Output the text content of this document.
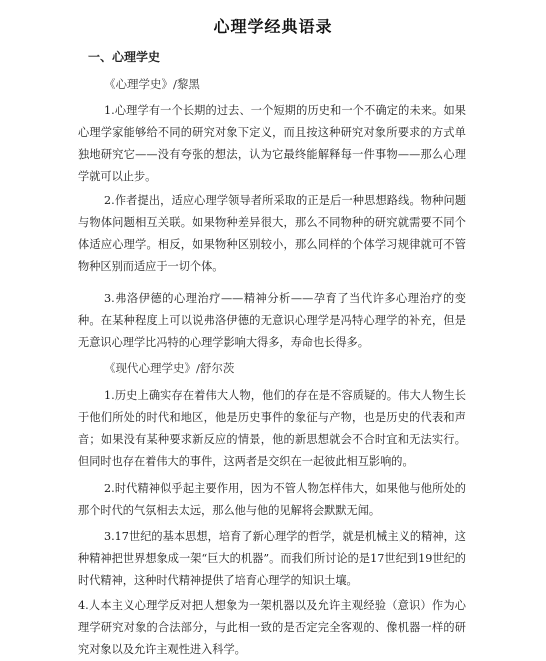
心理学经典语录
一、心理学史
《心理学史》/黎黑
1.心理学有一个长期的过去、一个短期的历史和一个不确定的未来。如果心理学家能够给不同的研究对象下定义，而且按这种研究对象所要求的方式单独地研究它——没有夸张的想法，认为它最终能解释每一件事物——那么心理学就可以止步。
2.作者提出，适应心理学领导者所采取的正是后一种思想路线。物种问题与物体问题相互关联。如果物种差异很大，那么不同物种的研究就需要不同个体适应心理学。相反，如果物种区别较小，那么同样的个体学习规律就可不管物种区别而适应于一切个体。
3.弗洛伊德的心理治疗——精神分析——孕育了当代许多心理治疗的变种。在某种程度上可以说弗洛伊德的无意识心理学是冯特心理学的补充，但是无意识心理学比冯特的心理学影响大得多，寿命也长得多。
《现代心理学史》/舒尔茨
1.历史上确实存在着伟大人物，他们的存在是不容质疑的。伟大人物生长于他们所处的时代和地区，他是历史事件的象征与产物，也是历史的代表和声音；如果没有某种要求新反应的情景，他的新思想就会不合时宜和无法实行。但同时也存在着伟大的事件，这两者是交织在一起彼此相互影响的。
2.时代精神似乎起主要作用，因为不管人物怎样伟大，如果他与他所处的那个时代的气氛相去太远，那么他与他的见解将会默默无闻。
3.17世纪的基本思想，培育了新心理学的哲学，就是机械主义的精神，这种精神把世界想象成一架“巨大的机器”。而我们所讨论的是17世纪到19世纪的时代精神，这种时代精神提供了培育心理学的知识土壤。
4.人本主义心理学反对把人想象为一架机器以及允许主观经验（意识）作为心理学研究对象的合法部分，与此相一致的是否定完全客观的、像机器一样的研究对象以及允许主观性进入科学。
